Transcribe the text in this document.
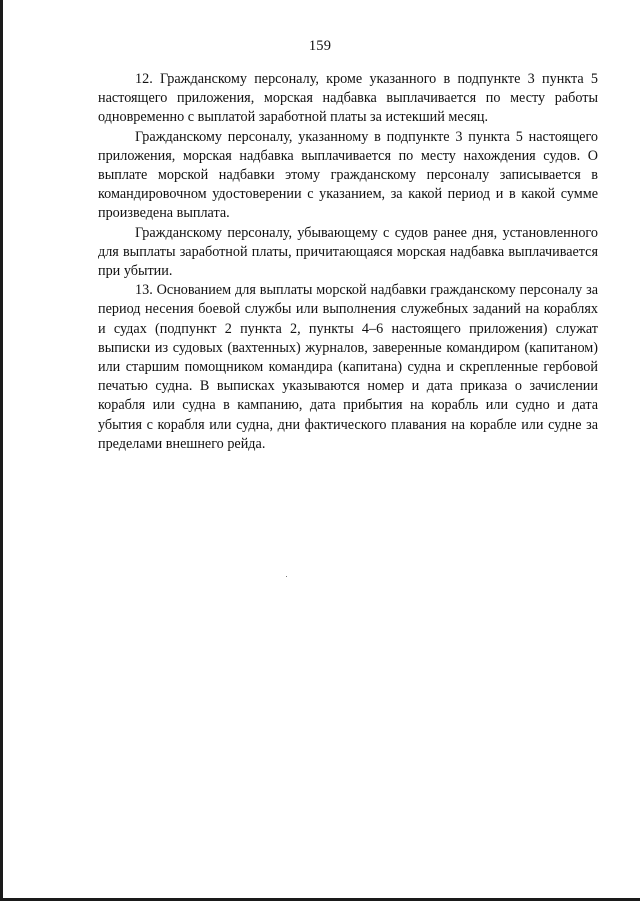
159

12. Гражданскому персоналу, кроме указанного в подпункте 3 пункта 5 настоящего приложения, морская надбавка выплачивается по месту работы одновременно с выплатой заработной платы за истекший месяц.

Гражданскому персоналу, указанному в подпункте 3 пункта 5 настоящего приложения, морская надбавка выплачивается по месту нахождения судов. О выплате морской надбавки этому гражданскому персоналу записывается в командировочном удостоверении с указанием, за какой период и в какой сумме произведена выплата.

Гражданскому персоналу, убывающему с судов ранее дня, установленного для выплаты заработной платы, причитающаяся морская надбавка выплачивается при убытии.

13. Основанием для выплаты морской надбавки гражданскому персоналу за период несения боевой службы или выполнения служебных заданий на кораблях и судах (подпункт 2 пункта 2, пункты 4–6 настоящего приложения) служат выписки из судовых (вахтенных) журналов, заверенные командиром (капитаном) или старшим помощником командира (капитана) судна и скрепленные гербовой печатью судна. В выписках указываются номер и дата приказа о зачислении корабля или судна в кампанию, дата прибытия на корабль или судно и дата убытия с корабля или судна, дни фактического плавания на корабле или судне за пределами внешнего рейда.
